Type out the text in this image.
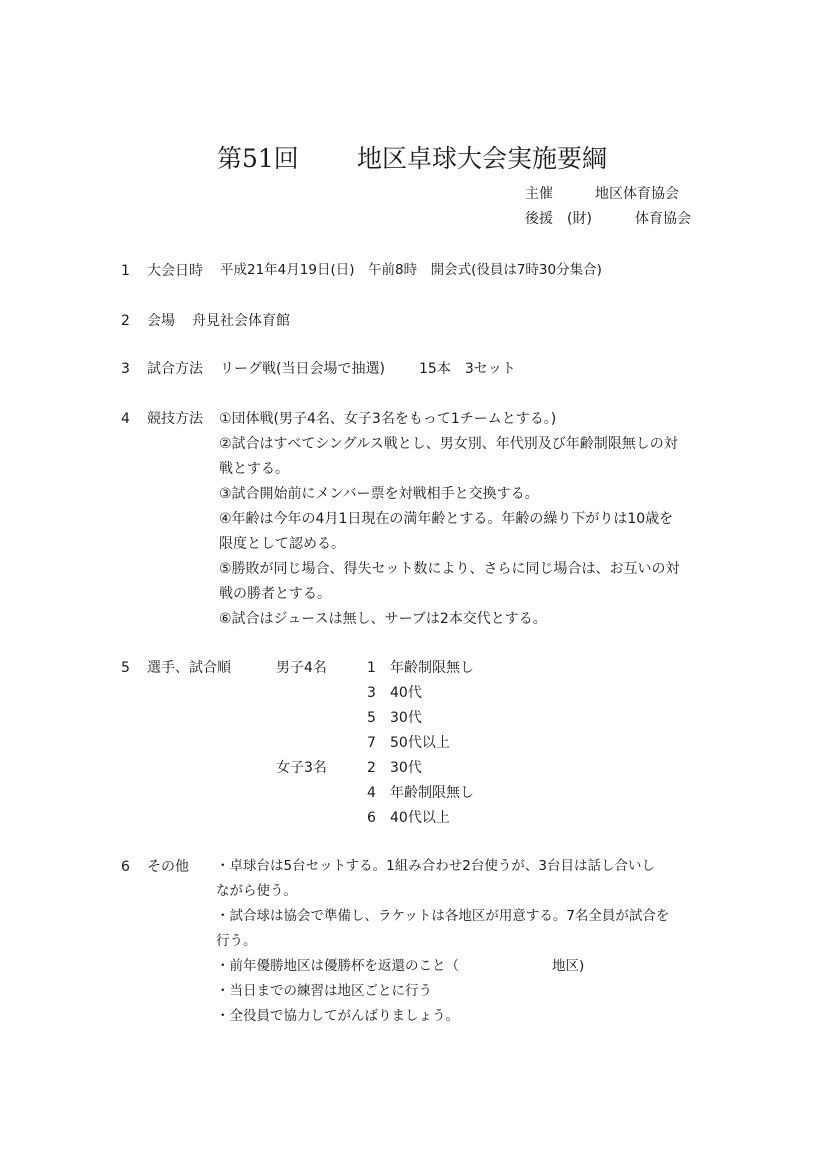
第51回 地区卓球大会実施要綱
主催	地区体育協会
後援 (財)	体育協会
1 大会日時 平成21年4月19日(日)　午前8時　開会式(役員は7時30分集合)
2 会場 舟見社会体育館
3 試合方法 リーグ戦(当日会場で抽選) 15本　3セット
4 競技方法 ①団体戦(男子4名、女子3名をもって1チームとする。)
②試合はすべてシングルス戦とし、男女別、年代別及び年齢制限無しの対
戦とする。
③試合開始前にメンバー票を対戦相手と交換する。
④年齢は今年の4月1日現在の満年齢とする。年齢の繰り下がりは10歳を
限度として認める。
⑤勝敗が同じ場合、得失セット数により、さらに同じ場合は、お互いの対
戦の勝者とする。
⑥試合はジュースは無し、サーブは2本交代とする。
5 選手、試合順	男子4名	1 年齢制限無し
3 40代
5 30代
7 50代以上
女子3名	2 30代
4 年齢制限無し
6 40代以上
6 その他 ・卓球台は5台セットする。1組み合わせ2台使うが、3台目は話し合いし
ながら使う。
・試合球は協会で準備し、ラケットは各地区が用意する。7名全員が試合を
行う。
・前年優勝地区は優勝杯を返還のこと（	地区)
・当日までの練習は地区ごとに行う
・全役員で協力してがんばりましょう。
